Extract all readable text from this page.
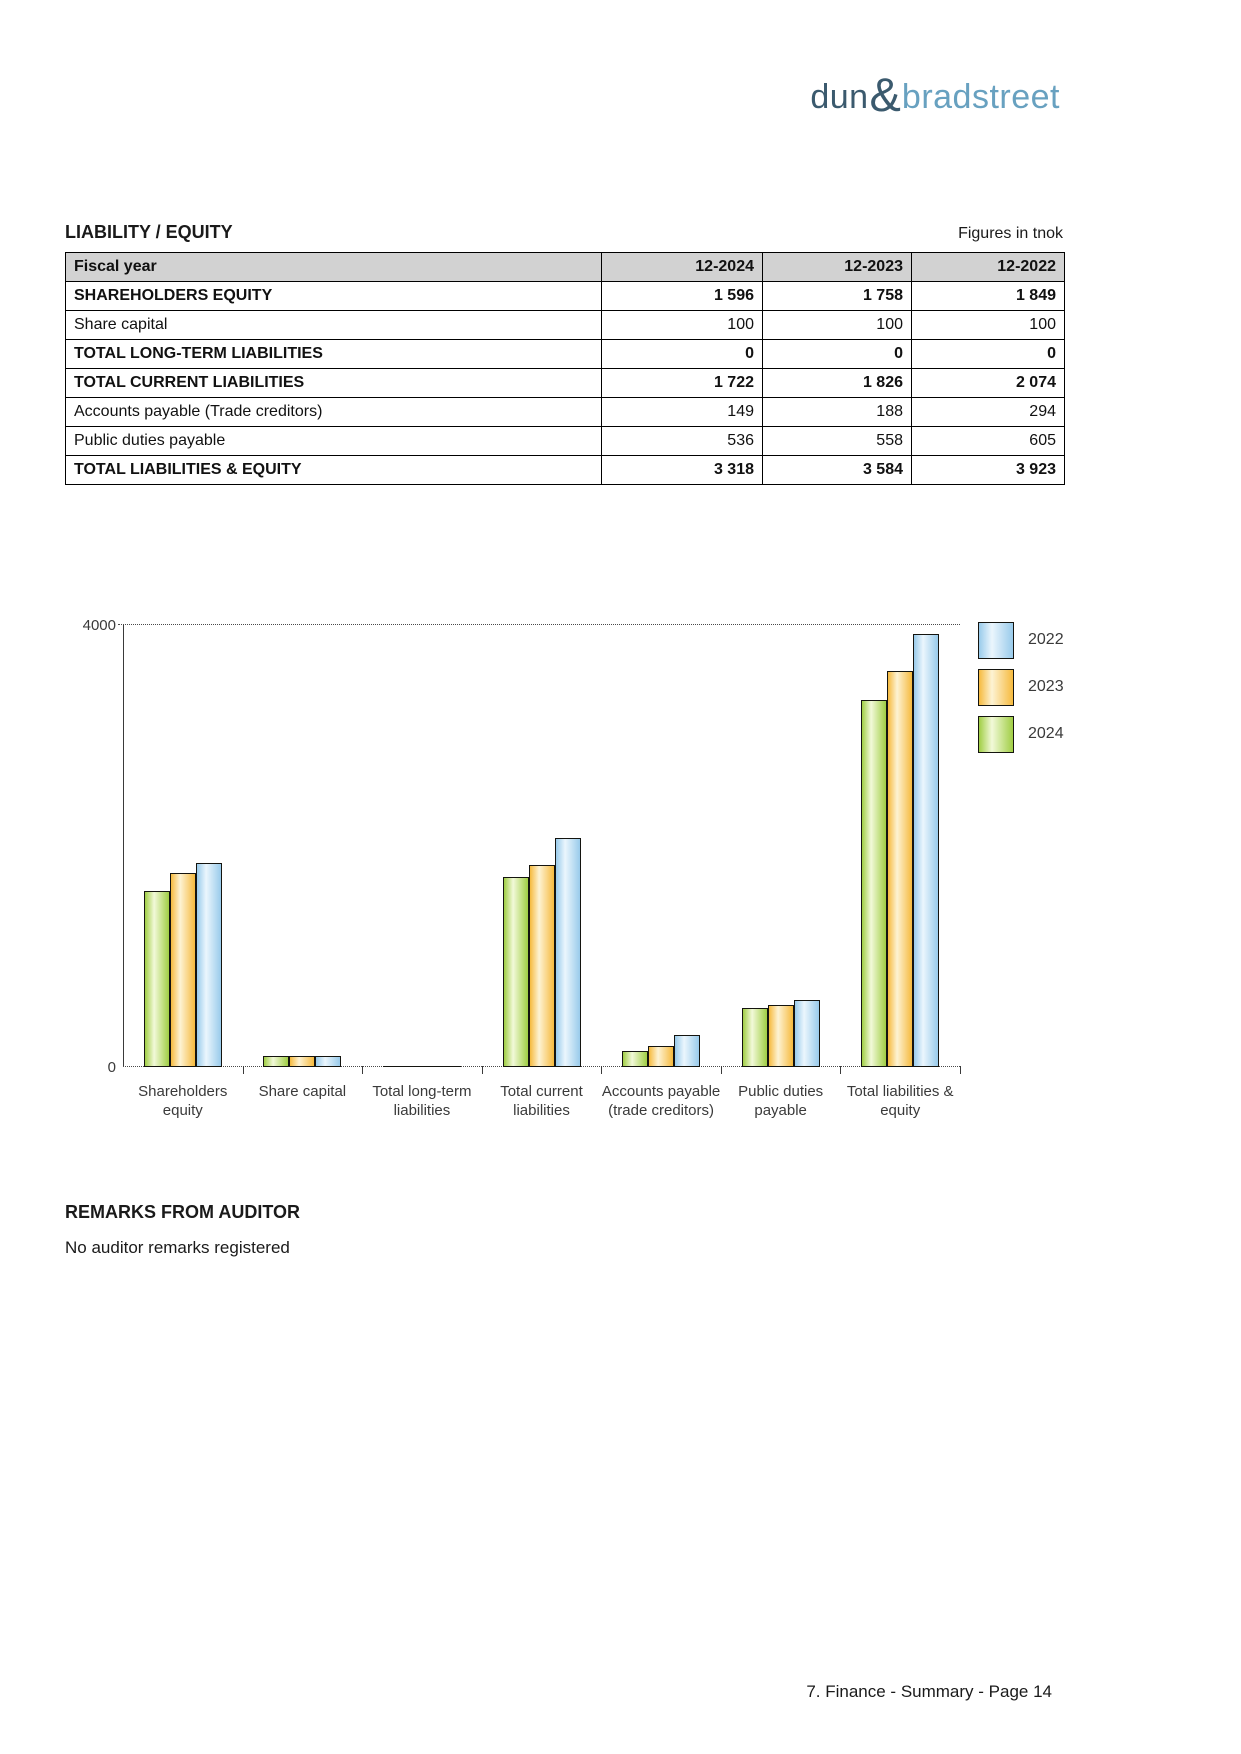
dun & bradstreet
LIABILITY / EQUITY	Figures in tnok
Fiscal year	12-2024	12-2023	12-2022
SHAREHOLDERS EQUITY	1 596	1 758	1 849
Share capital	100	100	100
TOTAL LONG-TERM LIABILITIES	0	0	0
TOTAL CURRENT LIABILITIES	1 722	1 826	2 074
Accounts payable (Trade creditors)	149	188	294
Public duties payable	536	558	605
TOTAL LIABILITIES & EQUITY	3 318	3 584	3 923
4000
0
Shareholders
equity
Share capital	Total long-term
liabilities
Total current
liabilities
Accounts payable
(trade creditors)
Public duties
payable
Total liabilities &
equity
2022
2023
2024
REMARKS FROM AUDITOR
No auditor remarks registered
7. Finance - Summary - Page 14
